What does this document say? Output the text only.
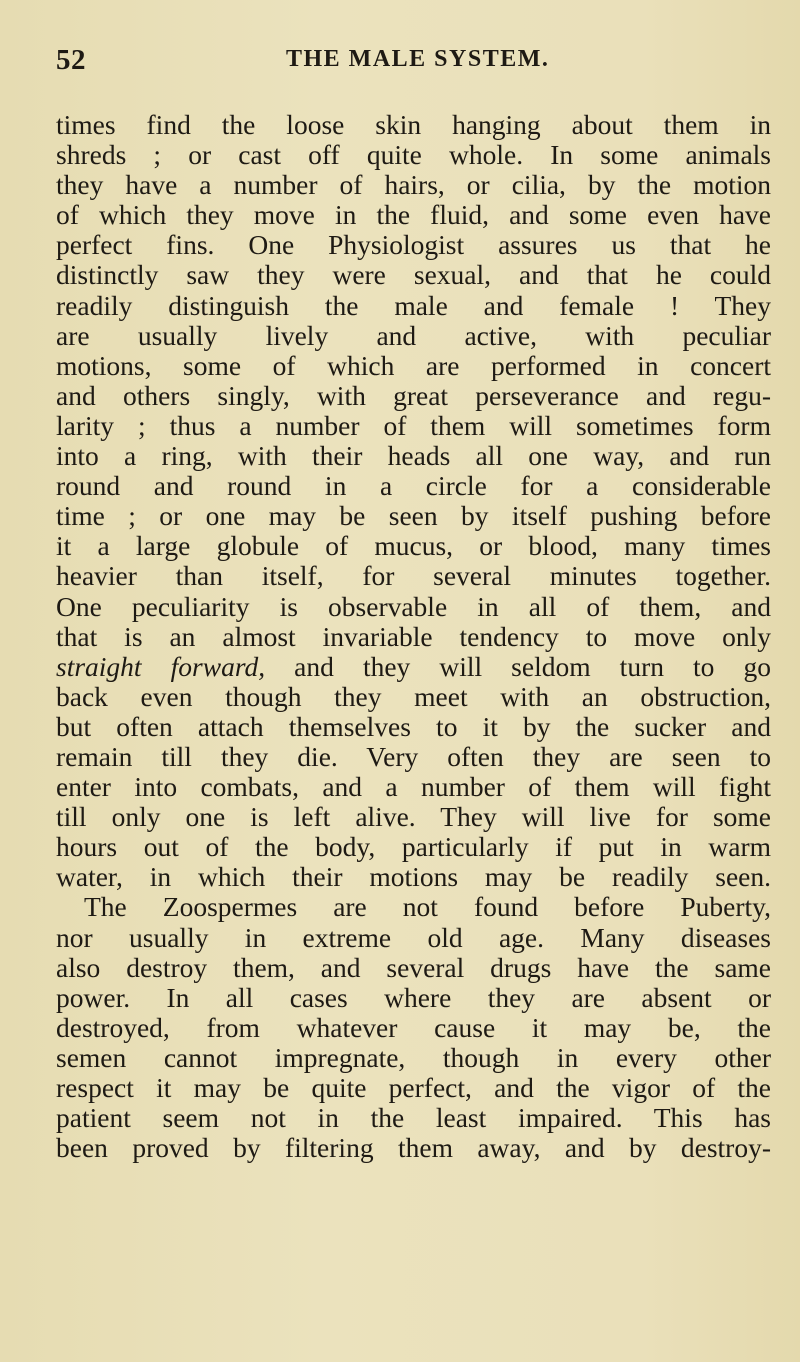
52	THE MALE SYSTEM.
times find the loose skin hanging about them in
shreds ; or cast off quite whole. In some animals
they have a number of hairs, or cilia, by the motion
of which they move in the fluid, and some even have
perfect fins. One Physiologist assures us that he
distinctly saw they were sexual, and that he could
readily distinguish the male and female ! They
are usually lively and active, with peculiar
motions, some of which are performed in concert
and others singly, with great perseverance and regu-
larity ; thus a number of them will sometimes form
into a ring, with their heads all one way, and run
round and round in a circle for a considerable
time ; or one may be seen by itself pushing before
it a large globule of mucus, or blood, many times
heavier than itself, for several minutes together.
One peculiarity is observable in all of them, and
that is an almost invariable tendency to move only
straight forward, and they will seldom turn to go
back even though they meet with an obstruction,
but often attach themselves to it by the sucker and
remain till they die. Very often they are seen to
enter into combats, and a number of them will fight
till only one is left alive. They will live for some
hours out of the body, particularly if put in warm
water, in which their motions may be readily seen.
The Zoospermes are not found before Puberty,
nor usually in extreme old age. Many diseases
also destroy them, and several drugs have the same
power. In all cases where they are absent or
destroyed, from whatever cause it may be, the
semen cannot impregnate, though in every other
respect it may be quite perfect, and the vigor of the
patient seem not in the least impaired. This has
been proved by filtering them away, and by destroy-
